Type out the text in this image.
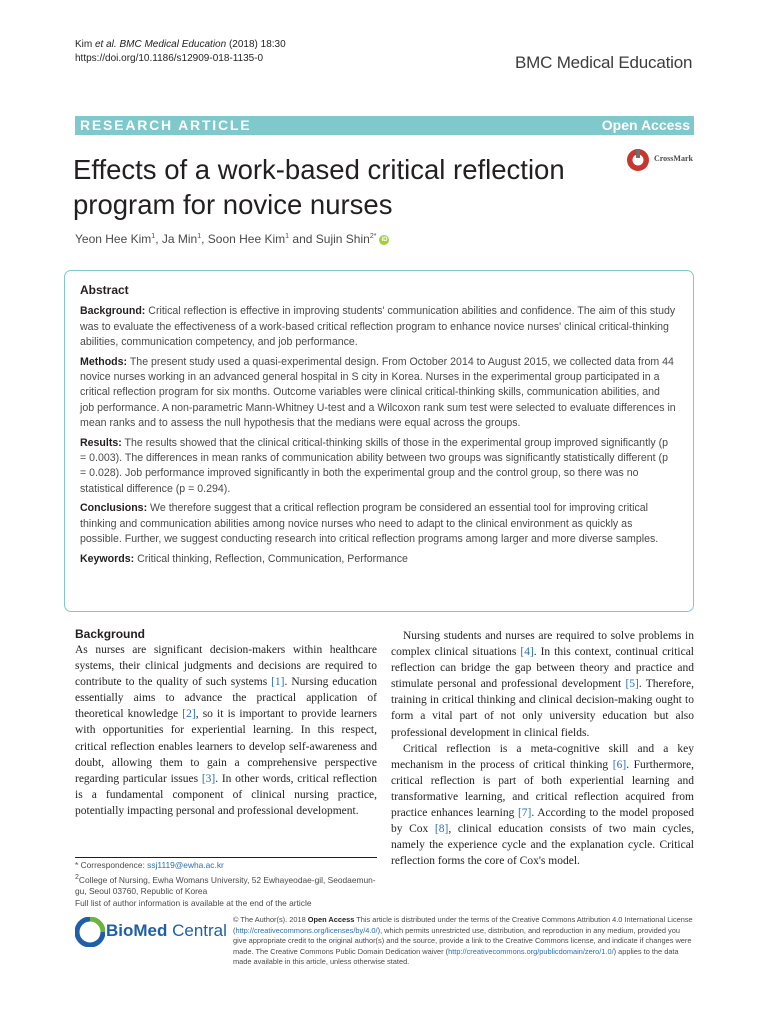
Kim et al. BMC Medical Education (2018) 18:30
https://doi.org/10.1186/s12909-018-1135-0	BMC Medical Education
RESEARCH ARTICLE	Open Access
Effects of a work-based critical reflection
program for novice nurses
CrossMark
Yeon Hee Kim$^1$, Ja Min$^1$, Soon Hee Kim$^1$ and Sujin Shin$^{2*}$ iD
Abstract

Background: Critical reflection is effective in improving students' communication abilities and confidence. The aim of this study was to evaluate the effectiveness of a work-based critical reflection program to enhance novice nurses' clinical critical-thinking abilities, communication competency, and job performance.

Methods: The present study used a quasi-experimental design. From October 2014 to August 2015, we collected data from 44 novice nurses working in an advanced general hospital in S city in Korea. Nurses in the experimental group participated in a critical reflection program for six months. Outcome variables were clinical critical-thinking skills, communication abilities, and job performance. A non-parametric Mann-Whitney U-test and a Wilcoxon rank sum test were selected to evaluate differences in mean ranks and to assess the null hypothesis that the medians were equal across the groups.

Results: The results showed that the clinical critical-thinking skills of those in the experimental group improved significantly (p = 0.003). The differences in mean ranks of communication ability between two groups was significantly statistically different (p = 0.028). Job performance improved significantly in both the experimental group and the control group, so there was no statistical difference (p = 0.294).

Conclusions: We therefore suggest that a critical reflection program be considered an essential tool for improving critical thinking and communication abilities among novice nurses who need to adapt to the clinical environment as quickly as possible. Further, we suggest conducting research into critical reflection programs among larger and more diverse samples.

Keywords: Critical thinking, Reflection, Communication, Performance

Background

As nurses are significant decision-makers within healthcare systems, their clinical judgments and decisions are required to contribute to the quality of such systems [1]. Nursing education essentially aims to advance the practical application of theoretical knowledge [2], so it is important to provide learners with opportunities for experiential learning. In this respect, critical reflection enables learners to develop self-awareness and doubt, allowing them to gain a comprehensive perspective regarding particular issues [3]. In other words, critical reflection is a fundamental component of clinical nursing practice, potentially impacting personal and professional development.

Nursing students and nurses are required to solve problems in complex clinical situations [4]. In this context, continual critical reflection can bridge the gap between theory and practice and stimulate personal and professional development [5]. Therefore, training in critical thinking and clinical decision-making ought to form a vital part of not only university education but also professional development in clinical fields.

Critical reflection is a meta-cognitive skill and a key mechanism in the process of critical thinking [6]. Furthermore, critical reflection is part of both experiential learning and transformative learning, and critical reflection acquired from practice enhances learning [7]. According to the model proposed by Cox [8], clinical education consists of two main cycles, namely the experience cycle and the explanation cycle. Critical reflection forms the core of Cox's model.

* Correspondence: ssj1119@ewha.ac.kr

$^2$College of Nursing, Ewha Womans University, 52 Ewhayeodae-gil, Seodaemun-gu, Seoul 03760, Republic of Korea

Full list of author information is available at the end of the article

BioMed Central
© The Author(s). 2018 Open Access This article is distributed under the terms of the Creative Commons Attribution 4.0 International License (http://creativecommons.org/licenses/by/4.0/), which permits unrestricted use, distribution, and reproduction in any medium, provided you give appropriate credit to the original author(s) and the source, provide a link to the Creative Commons license, and indicate if changes were made. The Creative Commons Public Domain Dedication waiver (http://creativecommons.org/publicdomain/zero/1.0/) applies to the data made available in this article, unless otherwise stated.
